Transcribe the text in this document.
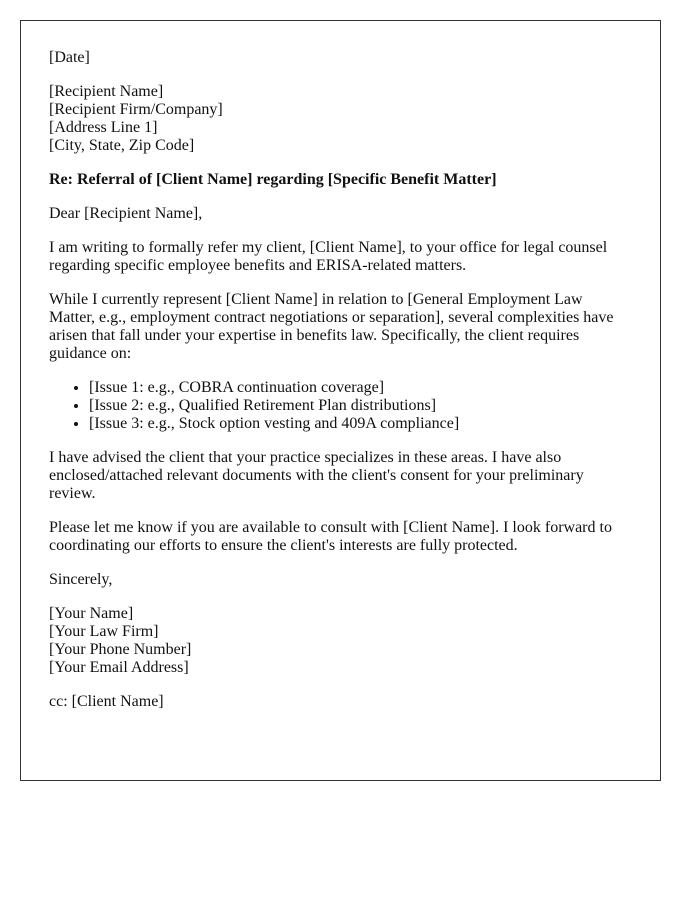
[Date]
[Recipient Name]
[Recipient Firm/Company]
[Address Line 1]
[City, State, Zip Code]
Re: Referral of [Client Name] regarding [Specific Benefit Matter]
Dear [Recipient Name],

I am writing to formally refer my client, [Client Name], to your office for legal counsel regarding specific employee benefits and ERISA-related matters.

While I currently represent [Client Name] in relation to [General Employment Law Matter, e.g., employment contract negotiations or separation], several complexities have arisen that fall under your expertise in benefits law. Specifically, the client requires guidance on:

• [Issue 1: e.g., COBRA continuation coverage]
• [Issue 2: e.g., Qualified Retirement Plan distributions]
• [Issue 3: e.g., Stock option vesting and 409A compliance]

I have advised the client that your practice specializes in these areas. I have also enclosed/attached relevant documents with the client's consent for your preliminary review.

Please let me know if you are available to consult with [Client Name]. I look forward to coordinating our efforts to ensure the client's interests are fully protected.

Sincerely,
[Your Name]
[Your Law Firm]
[Your Phone Number]
[Your Email Address]
cc: [Client Name]
